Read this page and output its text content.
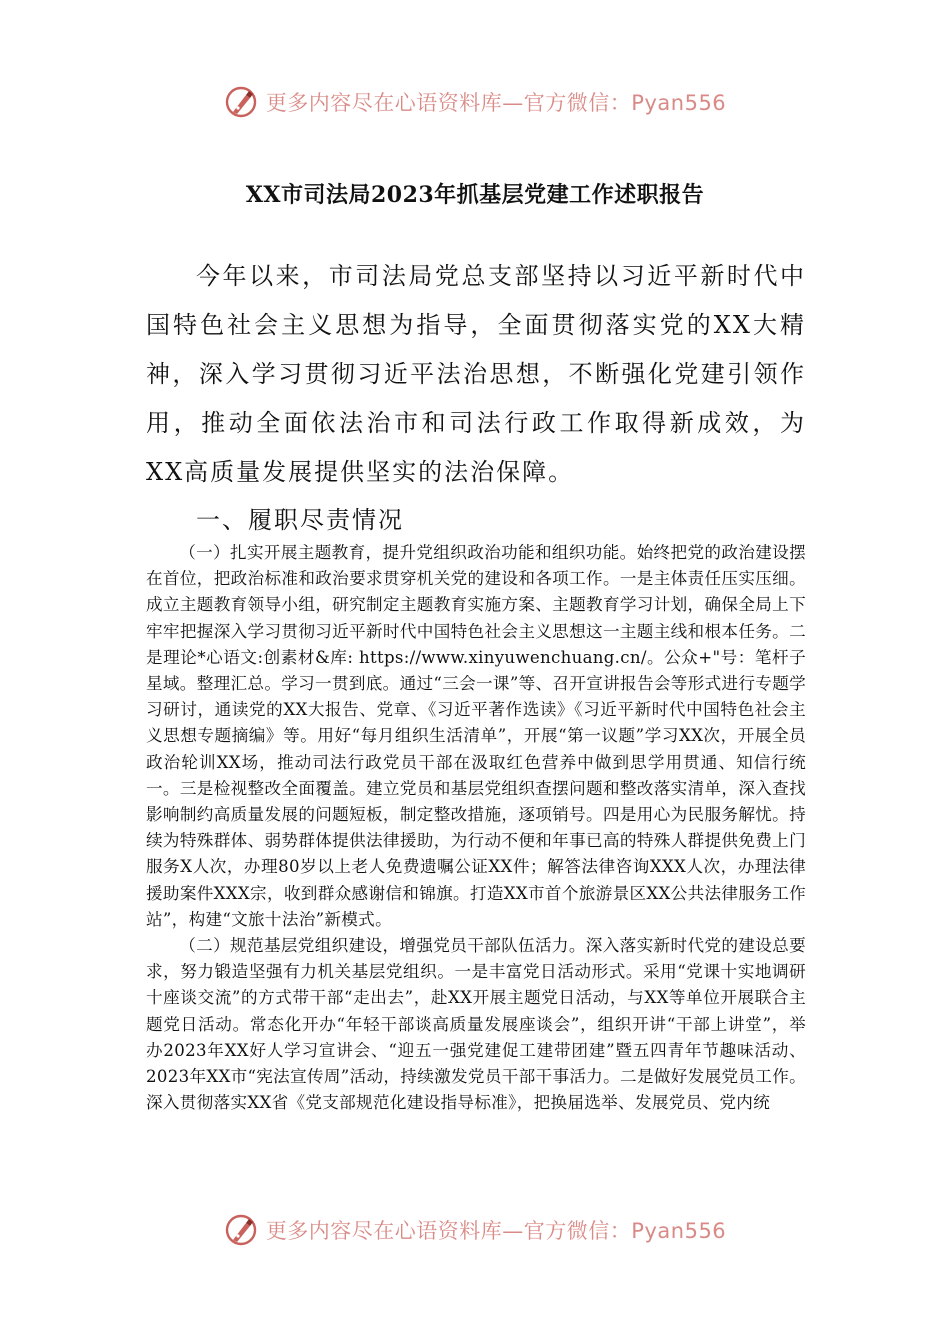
更多内容尽在心语资料库—官方微信：Pyan556
XX市司法局2023年抓基层党建工作述职报告

今年以来，市司法局党总支部坚持以习近平新时代中国特色社会主义思想为指导，全面贯彻落实党的XX大精神，深入学习贯彻习近平法治思想，不断强化党建引领作用，推动全面依法治市和司法行政工作取得新成效，为XX高质量发展提供坚实的法治保障。

一、履职尽责情况

（一）扎实开展主题教育，提升党组织政治功能和组织功能。始终把党的政治建设摆在首位，把政治标准和政治要求贯穿机关党的建设和各项工作。一是主体责任压实压细。成立主题教育领导小组，研究制定主题教育实施方案、主题教育学习计划，确保全局上下牢牢把握深入学习贯彻习近平新时代中国特色社会主义思想这一主题主线和根本任务。二是理论*心语文:创素材&库: https://www.xinyuwenchuang.cn/。公众+"号：笔杆子星域。整理汇总。学习一贯到底。通过“三会一课”等、召开宣讲报告会等形式进行专题学习研讨，通读党的XX大报告、党章、《习近平著作选读》《习近平新时代中国特色社会主义思想专题摘编》等。用好“每月组织生活清单”，开展“第一议题”学习XX次，开展全员政治轮训XX场，推动司法行政党员干部在汲取红色营养中做到思学用贯通、知信行统一。三是检视整改全面覆盖。建立党员和基层党组织查摆问题和整改落实清单，深入查找影响制约高质量发展的问题短板，制定整改措施，逐项销号。四是用心为民服务解忧。持续为特殊群体、弱势群体提供法律援助，为行动不便和年事已高的特殊人群提供免费上门服务X人次，办理80岁以上老人免费遗嘱公证XX件；解答法律咨询XXX人次，办理法律援助案件XXX宗，收到群众感谢信和锦旗。打造XX市首个旅游景区XX公共法律服务工作站”，构建“文旅十法治”新模式。

（二）规范基层党组织建设，增强党员干部队伍活力。深入落实新时代党的建设总要求，努力锻造坚强有力机关基层党组织。一是丰富党日活动形式。采用“党课十实地调研十座谈交流”的方式带干部“走出去”，赴XX开展主题党日活动，与XX等单位开展联合主题党日活动。常态化开办“年轻干部谈高质量发展座谈会”，组织开讲“干部上讲堂”，举办2023年XX好人学习宣讲会、“迎五一强党建促工建带团建”暨五四青年节趣味活动、2023年XX市“宪法宣传周”活动，持续激发党员干部干事活力。二是做好发展党员工作。深入贯彻落实XX省《党支部规范化建设指导标准》，把换届选举、发展党员、党内统

更多内容尽在心语资料库—官方微信：Pyan556
